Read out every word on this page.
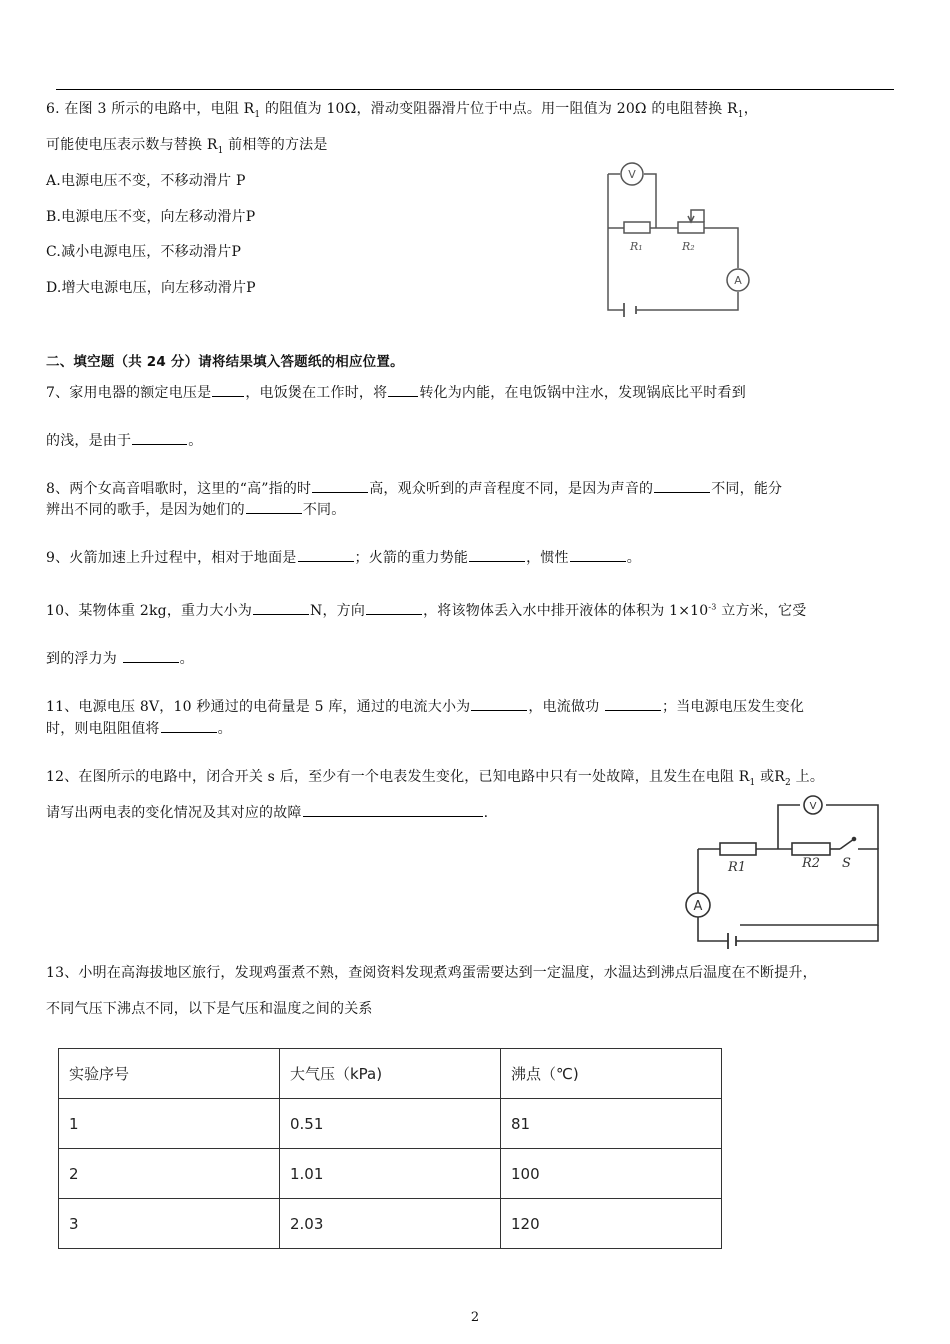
6. 在图 3 所示的电路中，电阻 $R_1$ 的阻值为 10Ω，滑动变阻器滑片位于中点。用一阻值为 20Ω 的电阻替换 $R_1$，
可能使电压表示数与替换 $R_1$ 前相等的方法是
A.电源电压不变，不移动滑片 P
B.电源电压不变，向左移动滑片P
C.减小电源电压，不移动滑片P
D.增大电源电压，向左移动滑片P
V
A
R₁	R₂
二、填空题（共 24 分）请将结果填入答题纸的相应位置。
7、家用电器的额定电压是 ，电饭煲在工作时，将 转化为内能，在电饭锅中注水，发现锅底比平时看到
的浅，是由于	。
8、两个女高音唱歌时，这里的“高”指的时	高，观众听到的声音程度不同，是因为声音的	不同，能分
辨出不同的歌手，是因为她们的	不同。
9、火箭加速上升过程中，相对于地面是	；火箭的重力势能	，惯性	。
10、某物体重 2kg，重力大小为	N，方向	，将该物体丢入水中排开液体的体积为 $1\times 10^{-3}$ 立方米，它受
到的浮力为	。
11、电源电压 8V，10 秒通过的电荷量是 5 库，通过的电流大小为	，电流做功	；当电源电压发生变化
时，则电阻阻值将	。
12、在图所示的电路中，闭合开关 s 后，至少有一个电表发生变化，已知电路中只有一处故障，且发生在电阻 $R_1$ 或$R_2$ 上。
请写出两电表的变化情况及其对应的故障	.	V
A
R1	R2 S
13、小明在高海拔地区旅行，发现鸡蛋煮不熟，查阅资料发现煮鸡蛋需要达到一定温度，水温达到沸点后温度在不断提升，
不同气压下沸点不同，以下是气压和温度之间的关系
实验序号	大气压（kPa)	沸点（℃)
1	0.51	81
2	1.01	100
3	2.03	120
2
